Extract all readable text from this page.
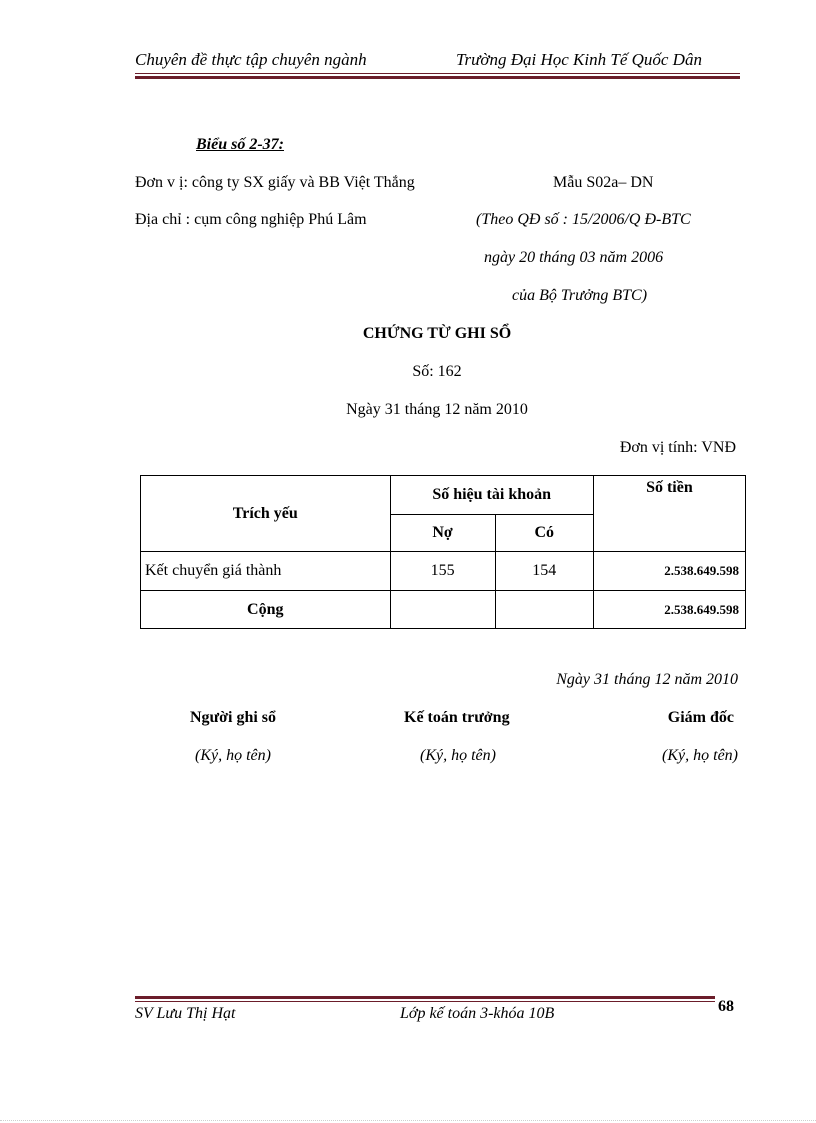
Chuyên đề thực tập chuyên ngành	Trường Đại Học Kinh Tế Quốc Dân
Biểu số 2-37:
Đơn v ị: công ty SX giấy và BB Việt Thắng	Mẫu S02a– DN
Địa chỉ : cụm công nghiệp Phú Lâm	(Theo QĐ số : 15/2006/Q Đ-BTC
ngày 20 tháng 03 năm 2006
của Bộ Trưởng BTC)
CHỨNG TỪ GHI SỔ
Số: 162
Ngày 31 tháng 12 năm 2010
Đơn vị tính: VNĐ
Trích yếu	Số hiệu tài khoản		Số tiền
	Nợ	Có	
Kết chuyển giá thành	155	154	2.538.649.598
Cộng			2.538.649.598
Ngày 31 tháng 12 năm 2010
Người ghi sổ	Kế toán trưởng	Giám đốc
(Ký, họ tên)	(Ký, họ tên)	(Ký, họ tên)
SV Lưu Thị Hạt	Lớp kế toán 3-khóa 10B	68
